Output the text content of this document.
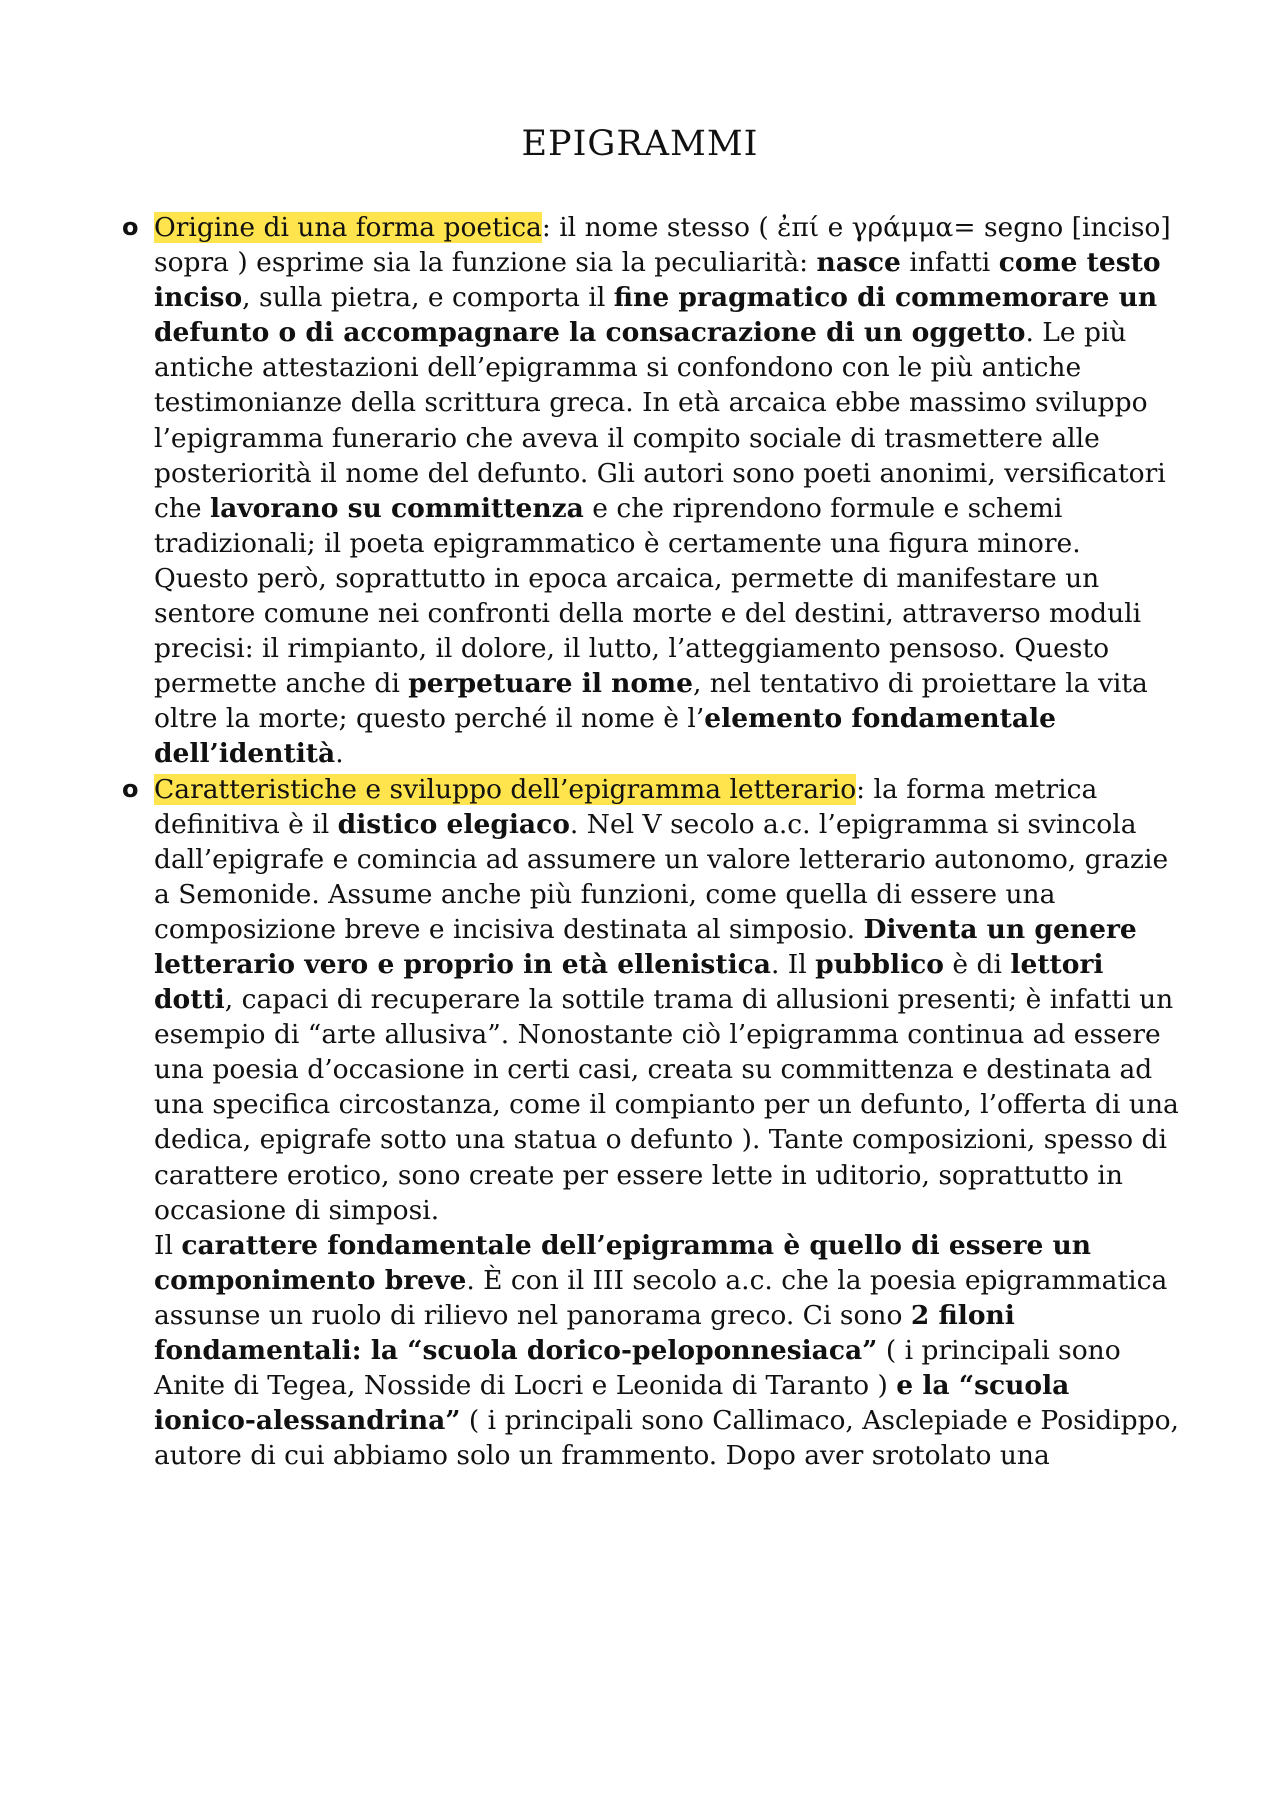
EPIGRAMMI
o Origine di una forma poetica: il nome stesso ( ἐπί e γράμμα= segno [inciso] sopra ) esprime sia la funzione sia la peculiarità: nasce infatti come testo inciso, sulla pietra, e comporta il fine pragmatico di commemorare un defunto o di accompagnare la consacrazione di un oggetto. Le più antiche attestazioni dell’epigramma si confondono con le più antiche testimonianze della scrittura greca. In età arcaica ebbe massimo sviluppo l’epigramma funerario che aveva il compito sociale di trasmettere alle posteriorità il nome del defunto. Gli autori sono poeti anonimi, versificatori che lavorano su committenza e che riprendono formule e schemi tradizionali; il poeta epigrammatico è certamente una figura minore. Questo però, soprattutto in epoca arcaica, permette di manifestare un sentore comune nei confronti della morte e del destini, attraverso moduli precisi: il rimpianto, il dolore, il lutto, l’atteggiamento pensoso. Questo permette anche di perpetuare il nome, nel tentativo di proiettare la vita oltre la morte; questo perché il nome è l’elemento fondamentale dell’identità.
o Caratteristiche e sviluppo dell’epigramma letterario: la forma metrica definitiva è il distico elegiaco. Nel V secolo a.c. l’epigramma si svincola dall’epigrafe e comincia ad assumere un valore letterario autonomo, grazie a Semonide. Assume anche più funzioni, come quella di essere una composizione breve e incisiva destinata al simposio. Diventa un genere letterario vero e proprio in età ellenistica. Il pubblico è di lettori dotti, capaci di recuperare la sottile trama di allusioni presenti; è infatti un esempio di “arte allusiva”. Nonostante ciò l’epigramma continua ad essere una poesia d’occasione in certi casi, creata su committenza e destinata ad una specifica circostanza, come il compianto per un defunto, l’offerta di una dedica, epigrafe sotto una statua o defunto ). Tante composizioni, spesso di carattere erotico, sono create per essere lette in uditorio, soprattutto in occasione di simposi.
Il carattere fondamentale dell’epigramma è quello di essere un componimento breve. È con il III secolo a.c. che la poesia epigrammatica assunse un ruolo di rilievo nel panorama greco. Ci sono 2 filoni fondamentali: la “scuola dorico-peloponnesiaca” ( i principali sono Anite di Tegea, Nosside di Locri e Leonida di Taranto ) e la “scuola ionico-alessandrina” ( i principali sono Callimaco, Asclepiade e Posidippo, autore di cui abbiamo solo un frammento. Dopo aver srotolato una
